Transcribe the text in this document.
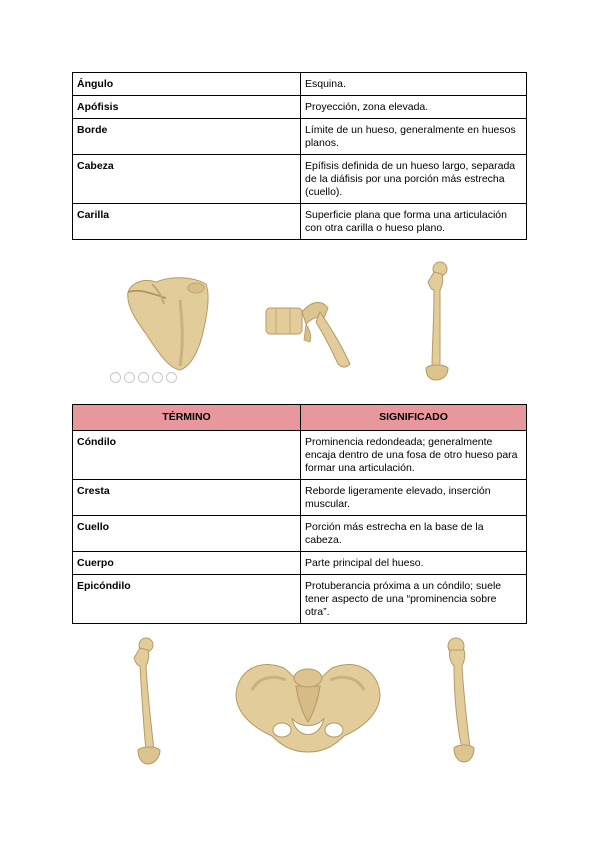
Ángulo	Esquina.
Apófisis	Proyección, zona elevada.
Borde	Límite de un hueso, generalmente en huesos planos.
Cabeza	Epífisis definida de un hueso largo, separada de la diáfisis por una porción más estrecha (cuello).
Carilla	Superficie plana que forma una articulación con otra carilla o hueso plano.
TÉRMINO	SIGNIFICADO
Cóndilo	Prominencia redondeada; generalmente encaja dentro de una fosa de otro hueso para formar una articulación.
Cresta	Reborde ligeramente elevado, inserción muscular.
Cuello	Porción más estrecha en la base de la cabeza.
Cuerpo	Parte principal del hueso.
Epicóndilo	Protuberancia próxima a un cóndilo; suele tener aspecto de una “prominencia sobre otra”.
